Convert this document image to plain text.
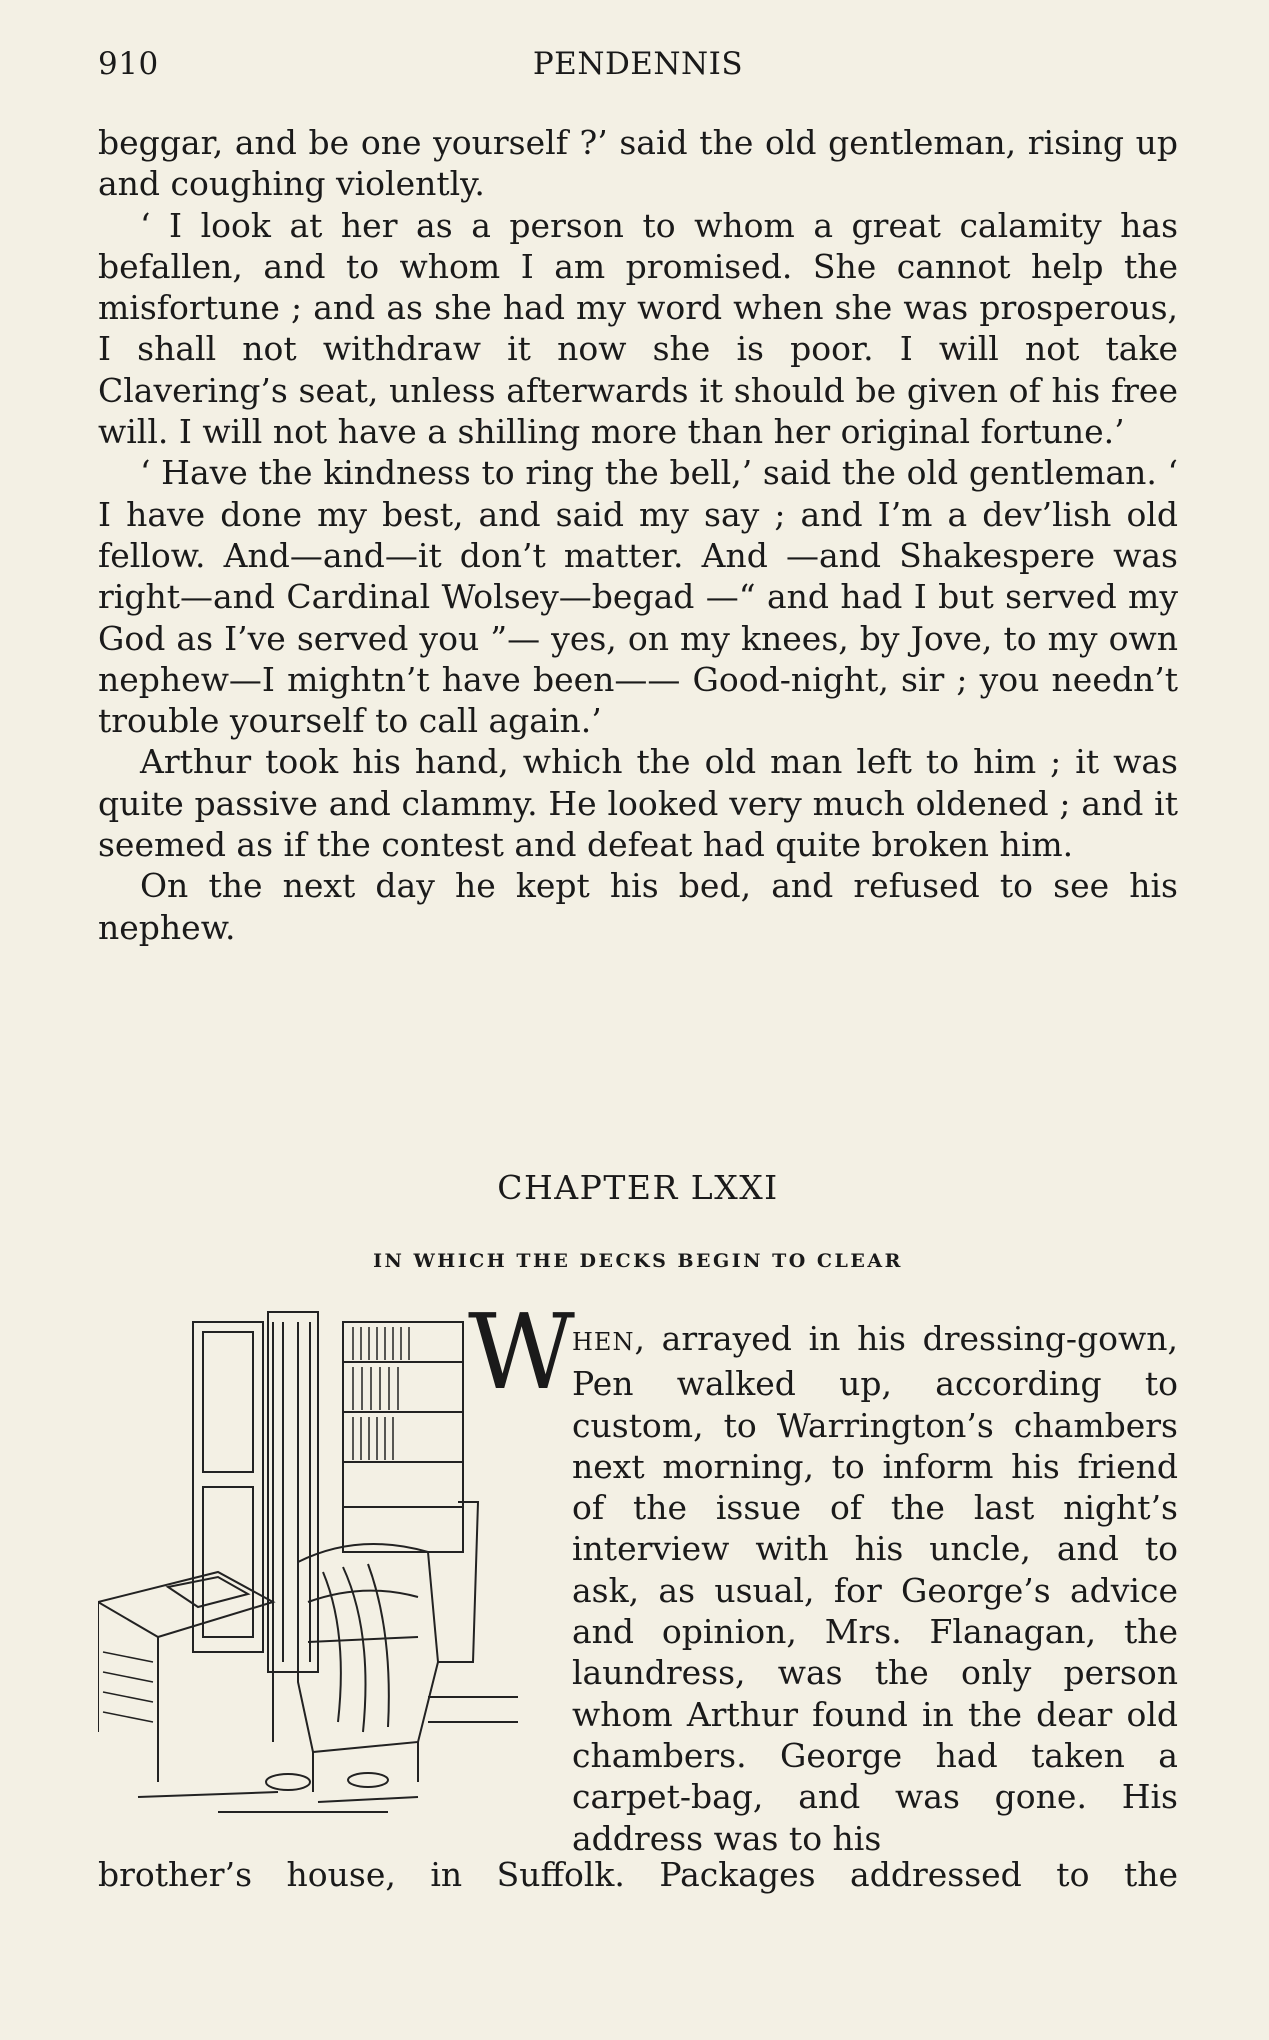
910	PENDENNIS

beggar, and be one yourself ?’ said the old gentleman, rising up and coughing violently.

‘ I look at her as a person to whom a great calamity has befallen, and to whom I am promised. She cannot help the misfortune ; and as she had my word when she was prosperous, I shall not withdraw it now she is poor. I will not take Clavering’s seat, unless afterwards it should be given of his free will. I will not have a shilling more than her original fortune.’

‘ Have the kindness to ring the bell,’ said the old gentleman. ‘ I have done my best, and said my say ; and I’m a dev’lish old fellow. And—and—it don’t matter. And —and Shakespere was right—and Cardinal Wolsey—begad —“ and had I but served my God as I’ve served you ”— yes, on my knees, by Jove, to my own nephew—I mightn’t have been—— Good-night, sir ; you needn’t trouble yourself to call again.’

Arthur took his hand, which the old man left to him ; it was quite passive and clammy. He looked very much oldened ; and it seemed as if the contest and defeat had quite broken him.

On the next day he kept his bed, and refused to see his nephew.

CHAPTER LXXI
IN WHICH THE DECKS BEGIN TO CLEAR
W

HEN, arrayed in his dressing-gown, Pen walked up, according to custom, to Warrington’s chambers next morning, to inform his friend of the issue of the last night’s interview with his uncle, and to ask, as usual, for George’s advice and opinion, Mrs. Flanagan, the laundress, was the only person whom Arthur found in the dear old chambers. George had taken a carpet-bag, and was gone. His address was to his

brother’s house, in Suffolk. Packages addressed to the
